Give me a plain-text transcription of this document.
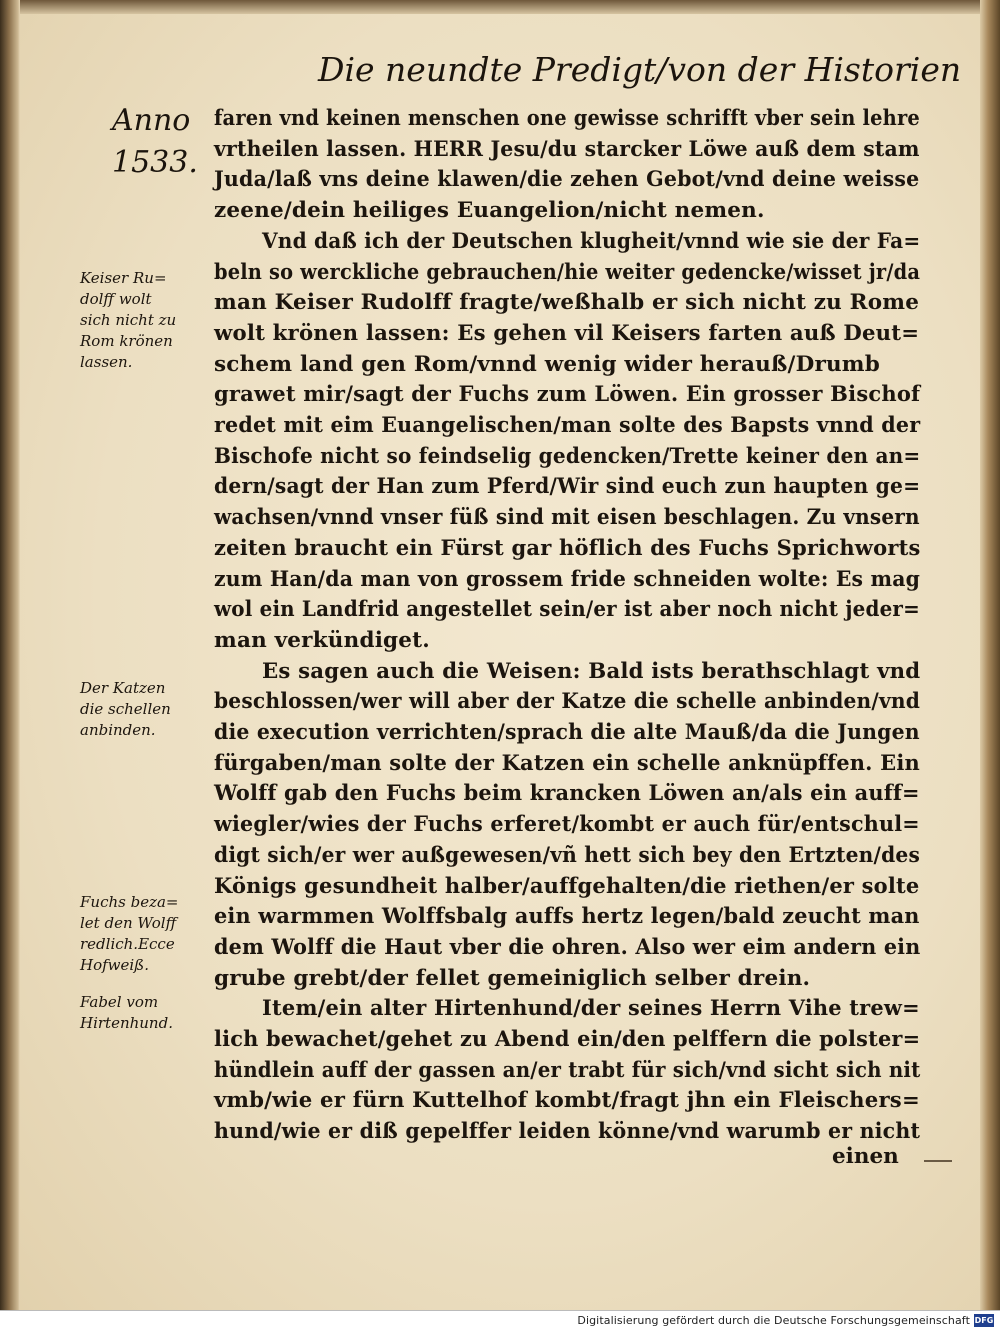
Die neundte Predigt/von der Historien
Anno
1533.
faren vnd keinen menschen one gewisse schrifft vber sein lehre
vrtheilen lassen. HERR Jesu/du starcker Löwe auß dem stam
Juda/laß vns deine klawen/die zehen Gebot/vnd deine weisse
zeene/dein heiliges Euangelion/nicht nemen.
Vnd daß ich der Deutschen klugheit/vnnd wie sie der Fa=
beln so werckliche gebrauchen/hie weiter gedencke/wisset jr/da
man Keiser Rudolff fragte/weßhalb er sich nicht zu Rome
wolt krönen lassen: Es gehen vil Keisers farten auß Deut=
schem land gen Rom/vnnd wenig wider herauß/Drumb
grawet mir/sagt der Fuchs zum Löwen. Ein grosser Bischof
redet mit eim Euangelischen/man solte des Bapsts vnnd der
Bischofe nicht so feindselig gedencken/Trette keiner den an=
dern/sagt der Han zum Pferd/Wir sind euch zun haupten ge=
wachsen/vnnd vnser füß sind mit eisen beschlagen. Zu vnsern
zeiten braucht ein Fürst gar höflich des Fuchs Sprichworts
zum Han/da man von grossem fride schneiden wolte: Es mag
wol ein Landfrid angestellet sein/er ist aber noch nicht jeder=
man verkündiget.
Es sagen auch die Weisen: Bald ists berathschlagt vnd
beschlossen/wer will aber der Katze die schelle anbinden/vnd
die execution verrichten/sprach die alte Mauß/da die Jungen
fürgaben/man solte der Katzen ein schelle anknüpffen. Ein
Wolff gab den Fuchs beim krancken Löwen an/als ein auff=
wiegler/wies der Fuchs erferet/kombt er auch für/entschul=
digt sich/er wer außgewesen/vñ hett sich bey den Ertzten/des
Königs gesundheit halber/auffgehalten/die riethen/er solte
ein warmmen Wolffsbalg auffs hertz legen/bald zeucht man
dem Wolff die Haut vber die ohren. Also wer eim andern ein
grube grebt/der fellet gemeiniglich selber drein.
Item/ein alter Hirtenhund/der seines Herrn Vihe trew=
lich bewachet/gehet zu Abend ein/den pelffern die polster=
hündlein auff der gassen an/er trabt für sich/vnd sicht sich nit
vmb/wie er fürn Kuttelhof kombt/fragt jhn ein Fleischers=
hund/wie er diß gepelffer leiden könne/vnd warumb er nicht
Keiser Ru=
dolff wolt
sich nicht zu
Rom krönen
lassen.
Der Katzen
die schellen
anbinden.
Fuchs beza=
let den Wolff
redlich.Ecce
Hofweiß.
Fabel vom
Hirtenhund.
einen
Digitalisierung gefördert durch die Deutsche Forschungsgemeinschaft DFG
